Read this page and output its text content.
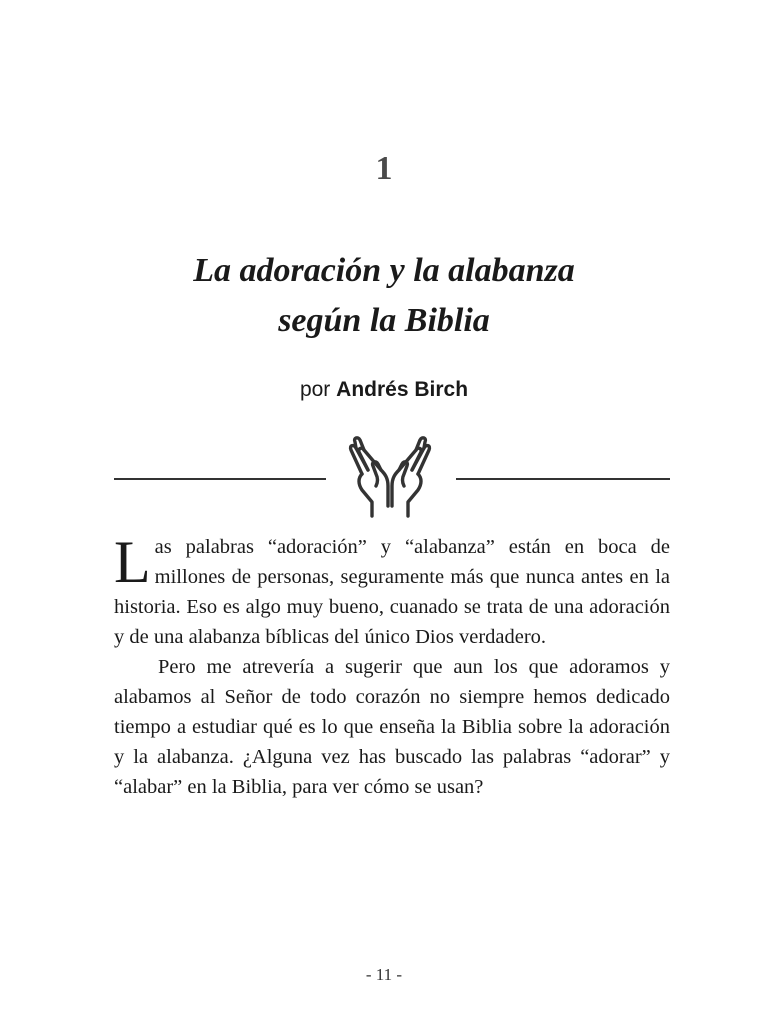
1
La adoración y la alabanza
según la Biblia
por Andrés Birch

Las palabras “adoración” y “alabanza” están en boca de millones de personas, seguramente más que nunca antes en la historia. Eso es algo muy bueno, cuanado se trata de una adoración y de una alabanza bíblicas del único Dios verdadero.

Pero me atrevería a sugerir que aun los que adoramos y alabamos al Señor de todo corazón no siempre hemos dedicado tiempo a estudiar qué es lo que enseña la Biblia sobre la adoración y la alabanza. ¿Alguna vez has buscado las palabras “adorar” y “alabar” en la Biblia, para ver cómo se usan?

- 11 -
